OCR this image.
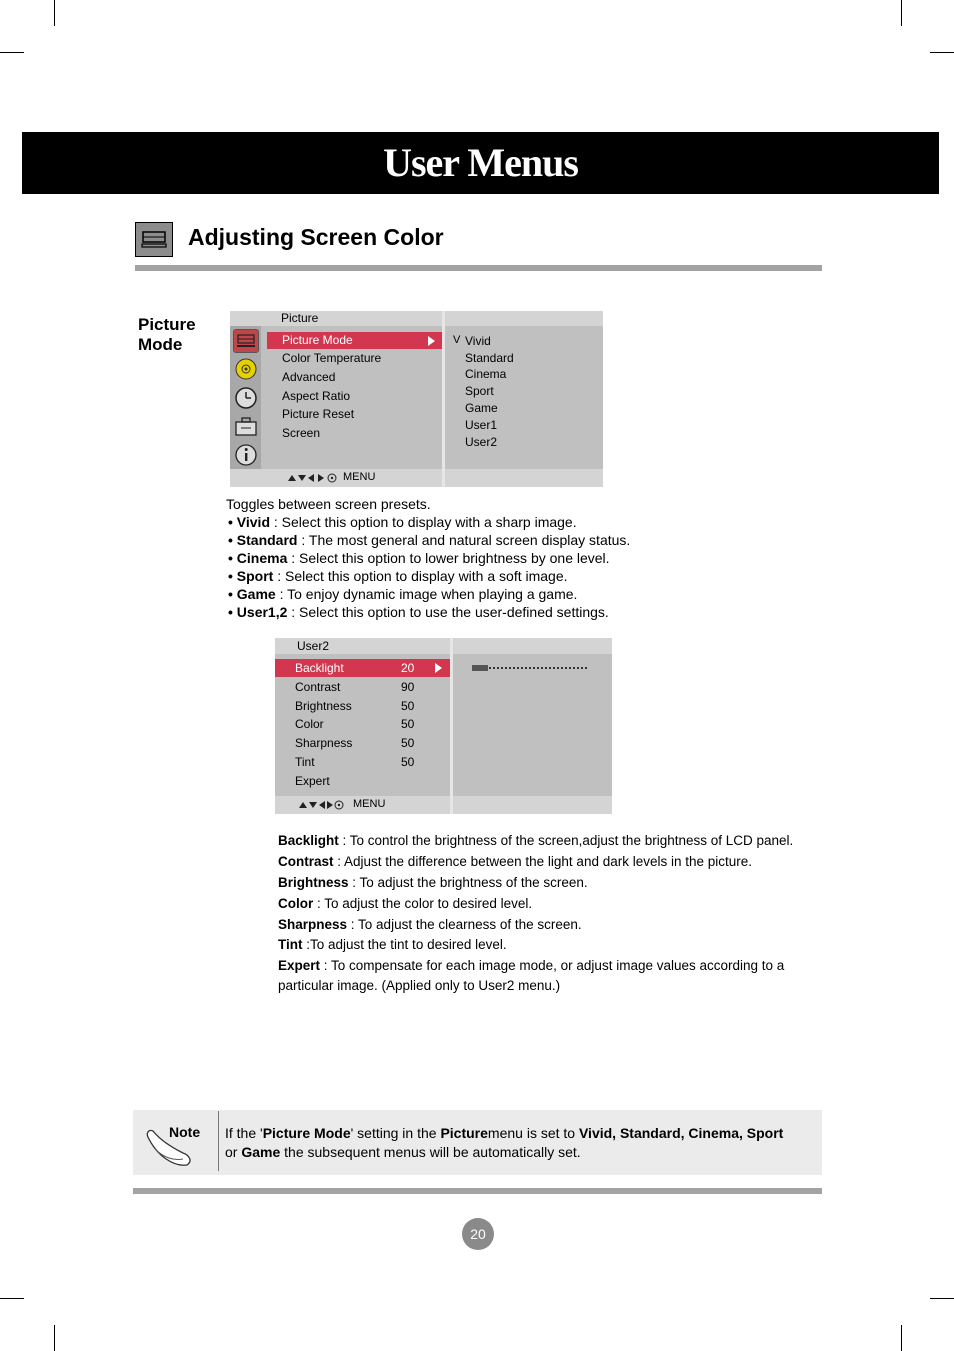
User Menus
Adjusting Screen Color
Picture Mode
Picture
Picture Mode
Color Temperature
Advanced
Aspect Ratio
Picture Reset
Screen
V Vivid
Standard
Cinema
Sport
Game
User1
User2
MENU
Toggles between screen presets.
• Vivid : Select this option to display with a sharp image.
• Standard : The most general and natural screen display status.
• Cinema : Select this option to lower brightness by one level.
• Sport : Select this option to display with a soft image.
• Game : To enjoy dynamic image when playing a game.
• User1,2 : Select this option to use the user-defined settings.
User2
Backlight	20
Contrast	90
Brightness	50
Color	50
Sharpness	50
Tint	50
Expert
MENU
Backlight : To control the brightness of the screen,adjust the brightness of LCD panel.
Contrast : Adjust the difference between the light and dark levels in the picture.
Brightness : To adjust the brightness of the screen.
Color : To adjust the color to desired level.
Sharpness : To adjust the clearness of the screen.
Tint :To adjust the tint to desired level.
Expert : To compensate for each image mode, or adjust image values according to a particular image. (Applied only to User2 menu.)
Note If the 'Picture Mode' setting in the Picturemenu is set to Vivid, Standard, Cinema, Sport or Game the subsequent menus will be automatically set.
20
